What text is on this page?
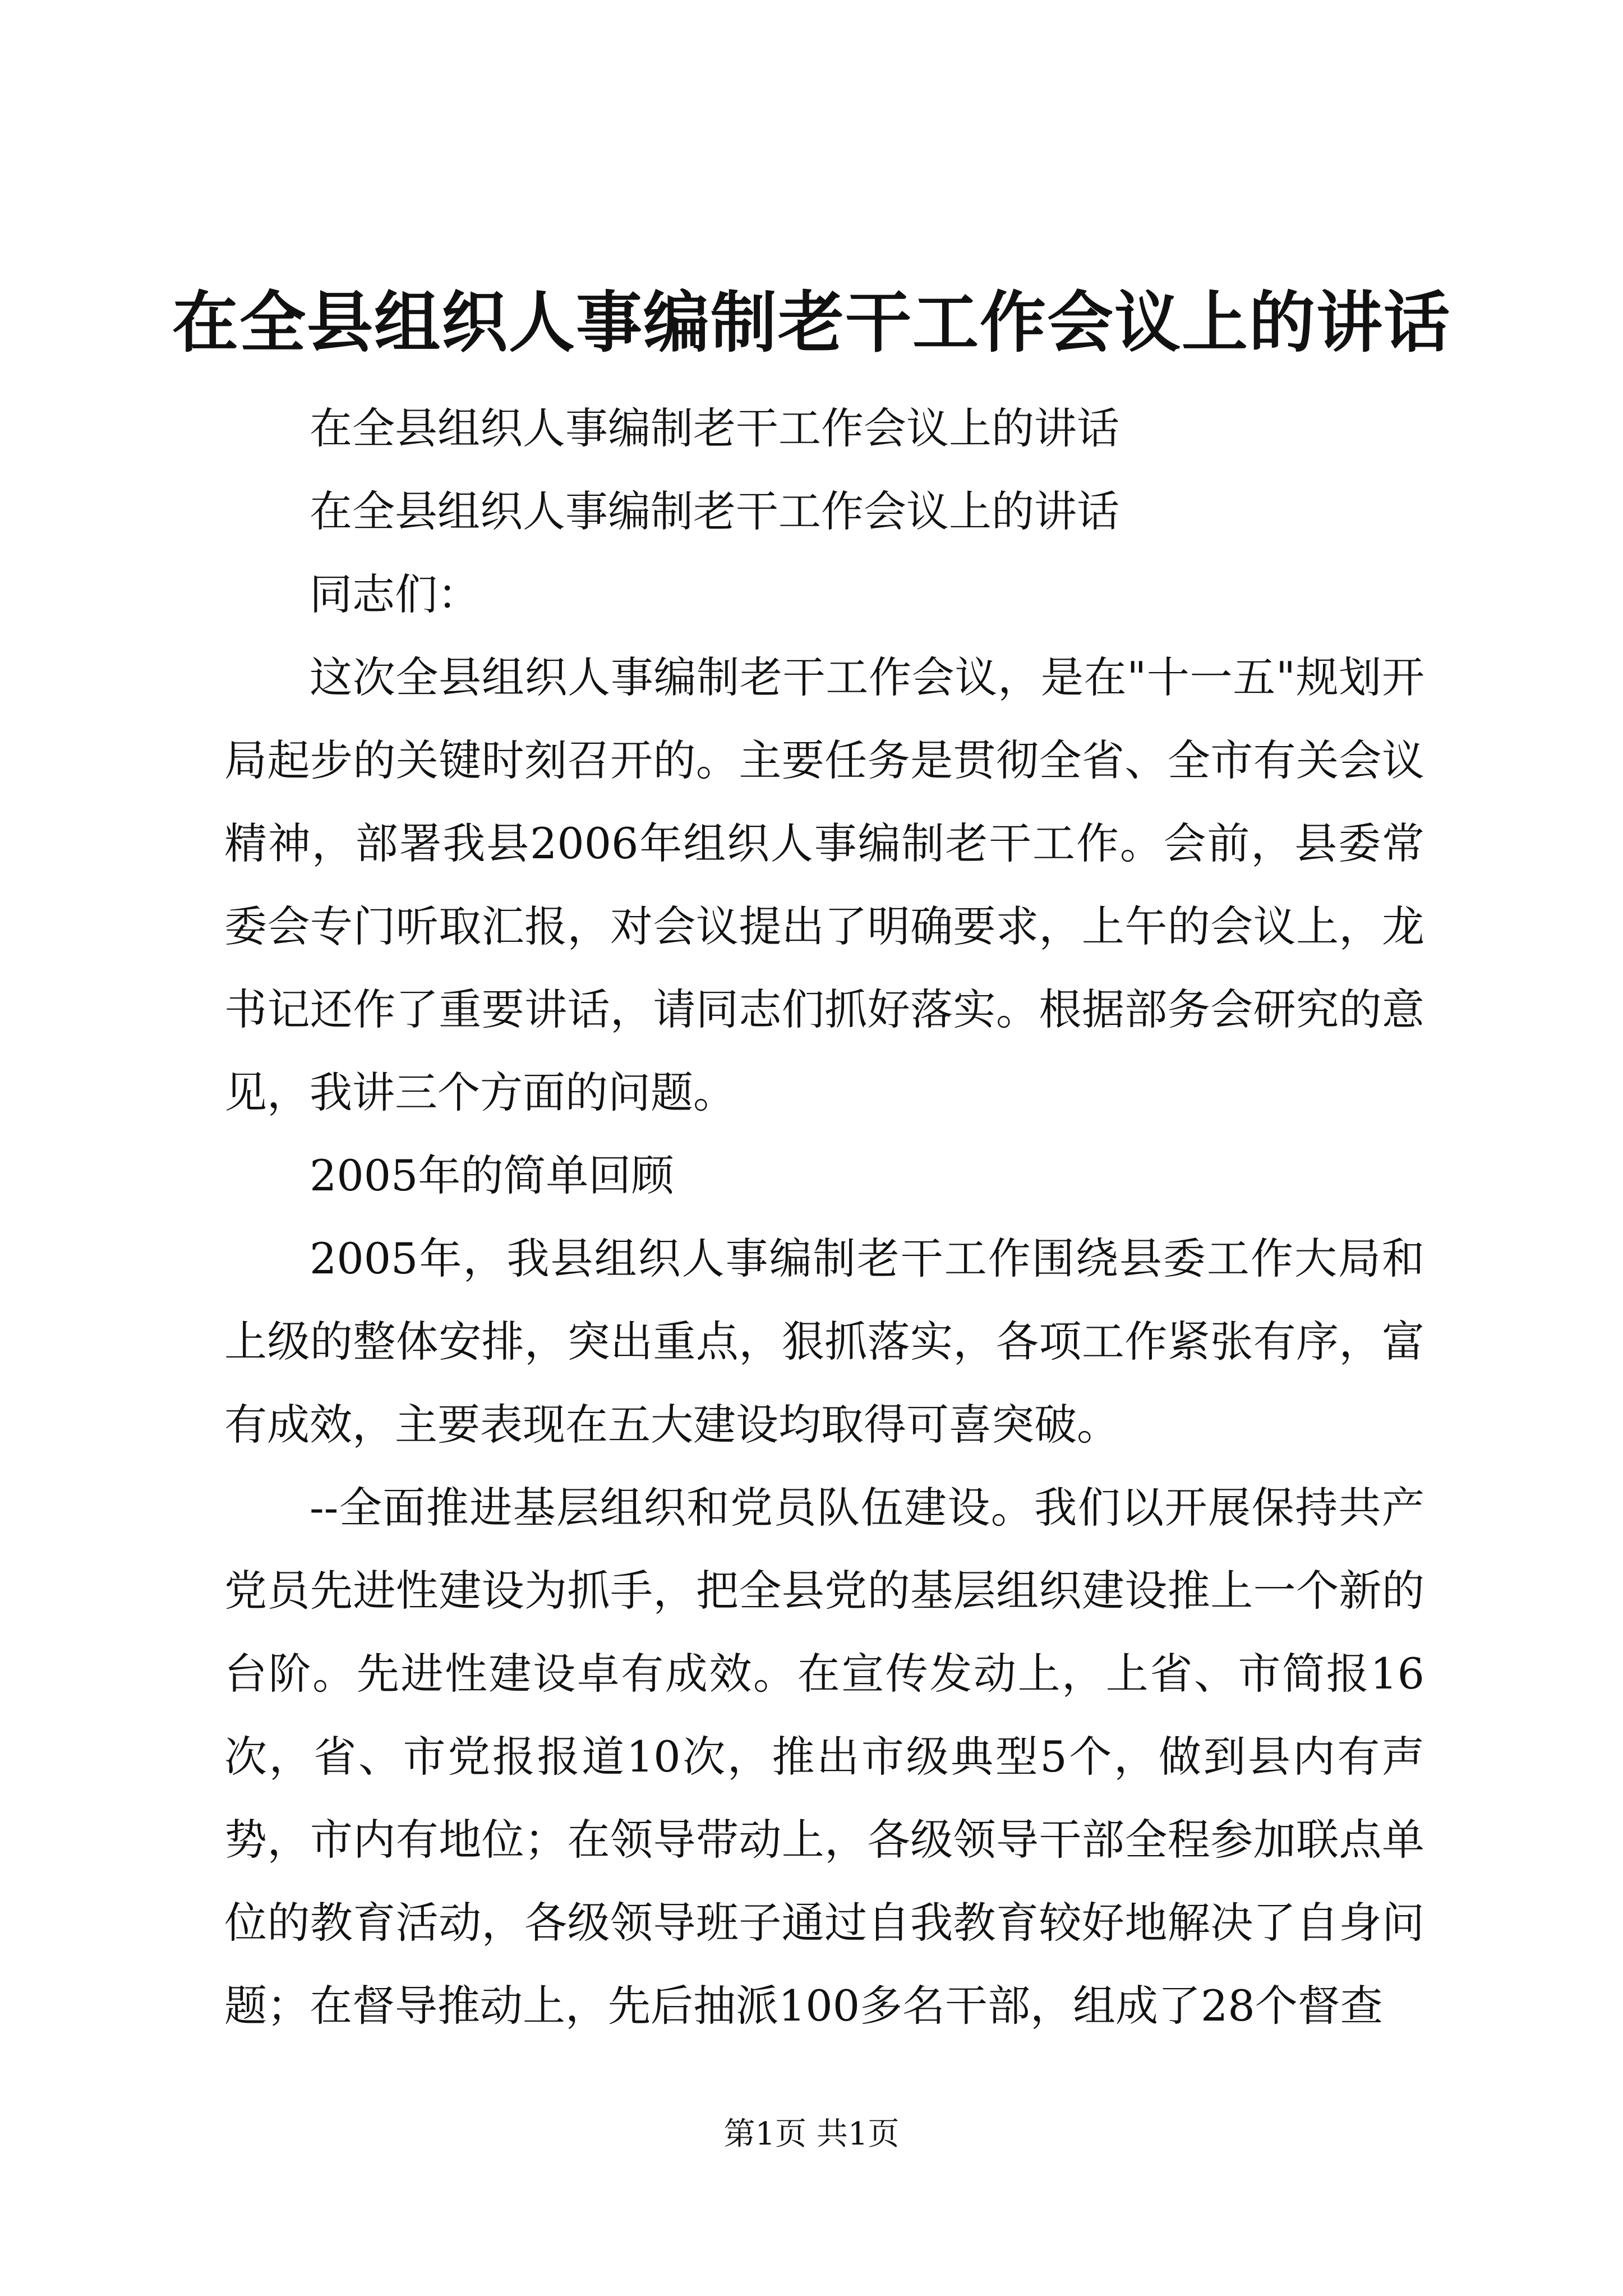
在全县组织人事编制老干工作会议上的讲话

在全县组织人事编制老干工作会议上的讲话

在全县组织人事编制老干工作会议上的讲话

同志们：

这次全县组织人事编制老干工作会议，是在"十一五"规划开局起步的关键时刻召开的。主要任务是贯彻全省、全市有关会议精神，部署我县2006年组织人事编制老干工作。会前，县委常委会专门听取汇报，对会议提出了明确要求，上午的会议上，龙书记还作了重要讲话，请同志们抓好落实。根据部务会研究的意见，我讲三个方面的问题。

2005年的简单回顾

2005年，我县组织人事编制老干工作围绕县委工作大局和上级的整体安排，突出重点，狠抓落实，各项工作紧张有序，富有成效，主要表现在五大建设均取得可喜突破。

--全面推进基层组织和党员队伍建设。我们以开展保持共产党员先进性建设为抓手，把全县党的基层组织建设推上一个新的台阶。先进性建设卓有成效。在宣传发动上，上省、市简报16次，省、市党报报道10次，推出市级典型5个，做到县内有声势，市内有地位；在领导带动上，各级领导干部全程参加联点单位的教育活动，各级领导班子通过自我教育较好地解决了自身问题；在督导推动上，先后抽派100多名干部，组成了28个督查

第1页 共1页
